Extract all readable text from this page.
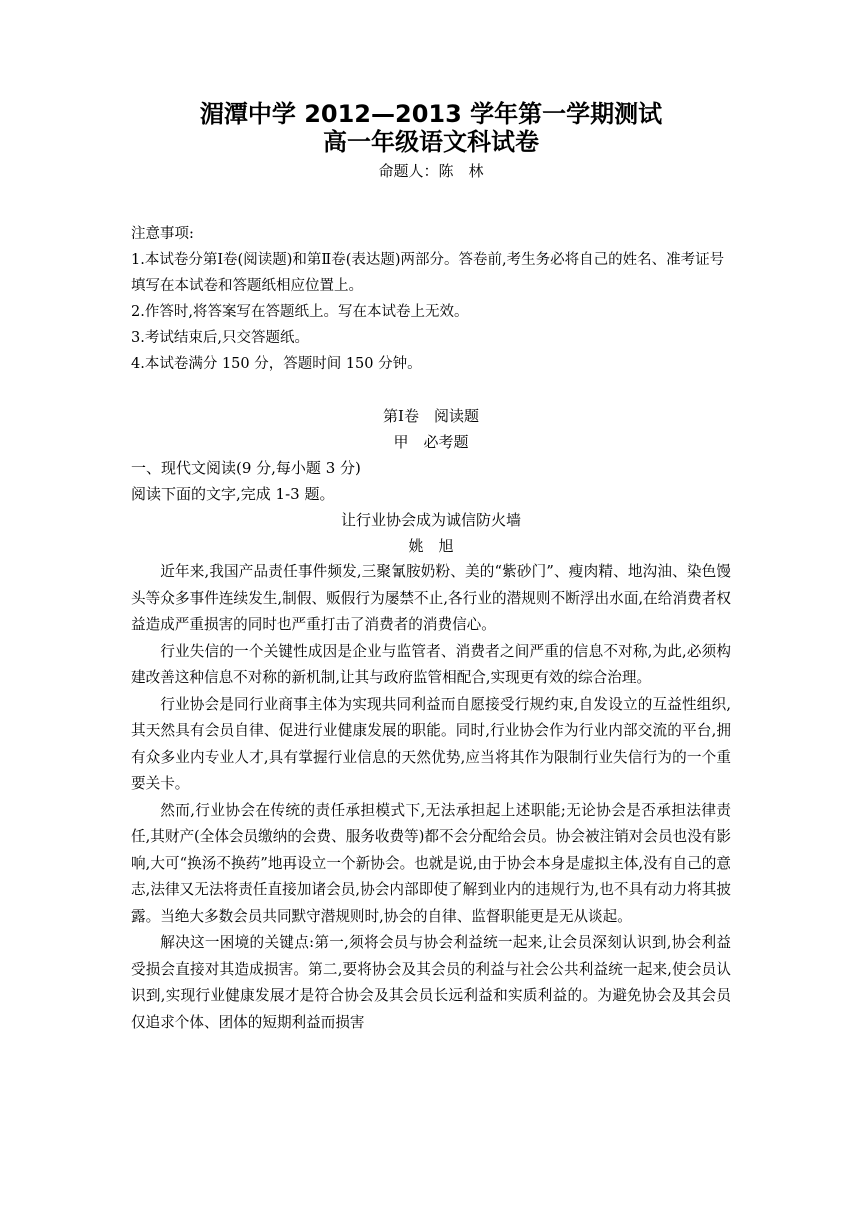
湄潭中学 2012—2013 学年第一学期测试
高一年级语文科试卷
命题人：陈　林
注意事项:
1.本试卷分第Ⅰ卷(阅读题)和第Ⅱ卷(表达题)两部分。答卷前,考生务必将自己的姓名、准考证号填写在本试卷和答题纸相应位置上。
2.作答时,将答案写在答题纸上。写在本试卷上无效。
3.考试结束后,只交答题纸。
4.本试卷满分 150 分，答题时间 150 分钟。
第Ⅰ卷　阅读题
甲　必考题
一、现代文阅读(9 分,每小题 3 分)
阅读下面的文字,完成 1-3 题。
让行业协会成为诚信防火墙
姚　旭

近年来,我国产品责任事件频发,三聚氰胺奶粉、美的“紫砂门”、瘦肉精、地沟油、染色馒头等众多事件连续发生,制假、贩假行为屡禁不止,各行业的潜规则不断浮出水面,在给消费者权益造成严重损害的同时也严重打击了消费者的消费信心。

行业失信的一个关键性成因是企业与监管者、消费者之间严重的信息不对称,为此,必须构建改善这种信息不对称的新机制,让其与政府监管相配合,实现更有效的综合治理。

行业协会是同行业商事主体为实现共同利益而自愿接受行规约束,自发设立的互益性组织,其天然具有会员自律、促进行业健康发展的职能。同时,行业协会作为行业内部交流的平台,拥有众多业内专业人才,具有掌握行业信息的天然优势,应当将其作为限制行业失信行为的一个重要关卡。

然而,行业协会在传统的责任承担模式下,无法承担起上述职能;无论协会是否承担法律责任,其财产(全体会员缴纳的会费、服务收费等)都不会分配给会员。协会被注销对会员也没有影响,大可“换汤不换药”地再设立一个新协会。也就是说,由于协会本身是虚拟主体,没有自己的意志,法律又无法将责任直接加诸会员,协会内部即使了解到业内的违规行为,也不具有动力将其披露。当绝大多数会员共同默守潜规则时,协会的自律、监督职能更是无从谈起。

解决这一困境的关键点:第一,须将会员与协会利益统一起来,让会员深刻认识到,协会利益受损会直接对其造成损害。第二,要将协会及其会员的利益与社会公共利益统一起来,使会员认识到,实现行业健康发展才是符合协会及其会员长远利益和实质利益的。为避免协会及其会员仅追求个体、团体的短期利益而损害
